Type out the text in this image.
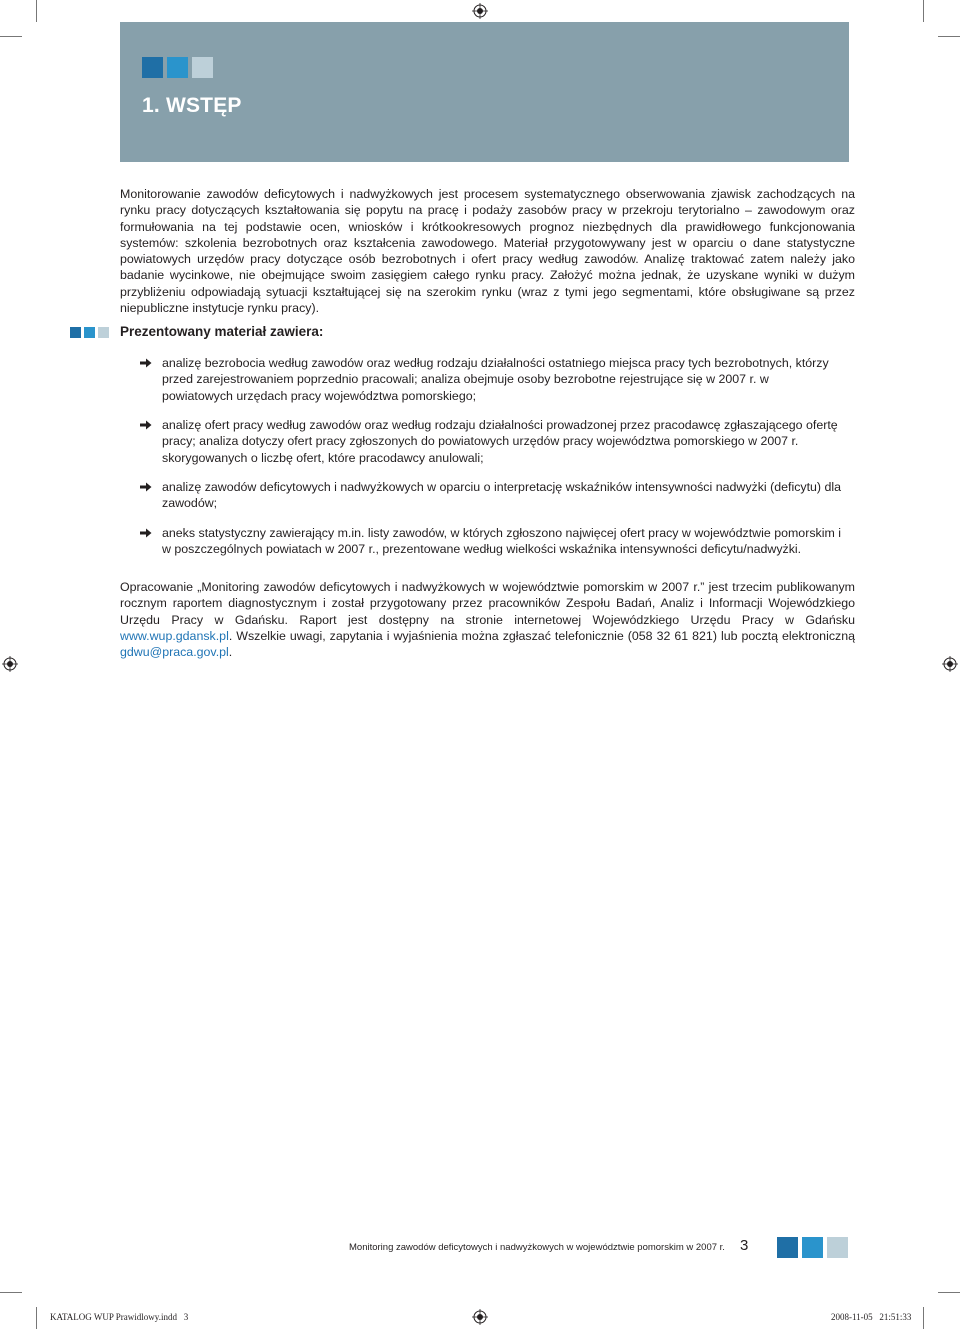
1. WSTĘP
Monitorowanie zawodów deficytowych i nadwyżkowych jest procesem systematycznego obserwowania zjawisk zachodzących na rynku pracy dotyczących kształtowania się popytu na pracę i podaży zasobów pracy w przekroju terytorialno – zawodowym oraz formułowania na tej podstawie ocen, wniosków i krótkookresowych prognoz niezbędnych dla prawidłowego funkcjonowania systemów: szkolenia bezrobotnych oraz kształcenia zawodowego. Materiał przygotowywany jest w oparciu o dane statystyczne powiatowych urzędów pracy dotyczące osób bezrobotnych i ofert pracy według zawodów. Analizę traktować zatem należy jako badanie wycinkowe, nie obejmujące swoim zasięgiem całego rynku pracy. Założyć można jednak, że uzyskane wyniki w dużym przybliżeniu odpowiadają sytuacji kształtującej się na szerokim rynku (wraz z tymi jego segmentami, które obsługiwane są przez niepubliczne instytucje rynku pracy).
Prezentowany materiał zawiera:
analizę bezrobocia według zawodów oraz według rodzaju działalności ostatniego miejsca pracy tych bezrobotnych, którzy przed zarejestrowaniem poprzednio pracowali; analiza obejmuje osoby bezrobotne rejestrujące się w 2007 r. w powiatowych urzędach pracy województwa pomorskiego;
analizę ofert pracy według zawodów oraz według rodzaju działalności prowadzonej przez pracodawcę zgłaszającego ofertę pracy; analiza dotyczy ofert pracy zgłoszonych do powiatowych urzędów pracy województwa pomorskiego w 2007 r. skorygowanych o liczbę ofert, które pracodawcy anulowali;
analizę zawodów deficytowych i nadwyżkowych w oparciu o interpretację wskaźników intensywności nadwyżki (deficytu) dla zawodów;
aneks statystyczny zawierający m.in. listy zawodów, w których zgłoszono najwięcej ofert pracy w województwie pomorskim i w poszczególnych powiatach w 2007 r., prezentowane według wielkości wskaźnika intensywności deficytu/nadwyżki.
Opracowanie „Monitoring zawodów deficytowych i nadwyżkowych w województwie pomorskim w 2007 r.” jest trzecim publikowanym rocznym raportem diagnostycznym i został przygotowany przez pracowników Zespołu Badań, Analiz i Informacji Wojewódzkiego Urzędu Pracy w Gdańsku. Raport jest dostępny na stronie internetowej Wojewódzkiego Urzędu Pracy w Gdańsku www.wup.gdansk.pl. Wszelkie uwagi, zapytania i wyjaśnienia można zgłaszać telefonicznie (058 32 61 821) lub pocztą elektroniczną gdwu@praca.gov.pl.
Monitoring zawodów deficytowych i nadwyżkowych w województwie pomorskim w 2007 r. 3
KATALOG WUP Prawidlowy.indd   3	2008-11-05   21:51:33
